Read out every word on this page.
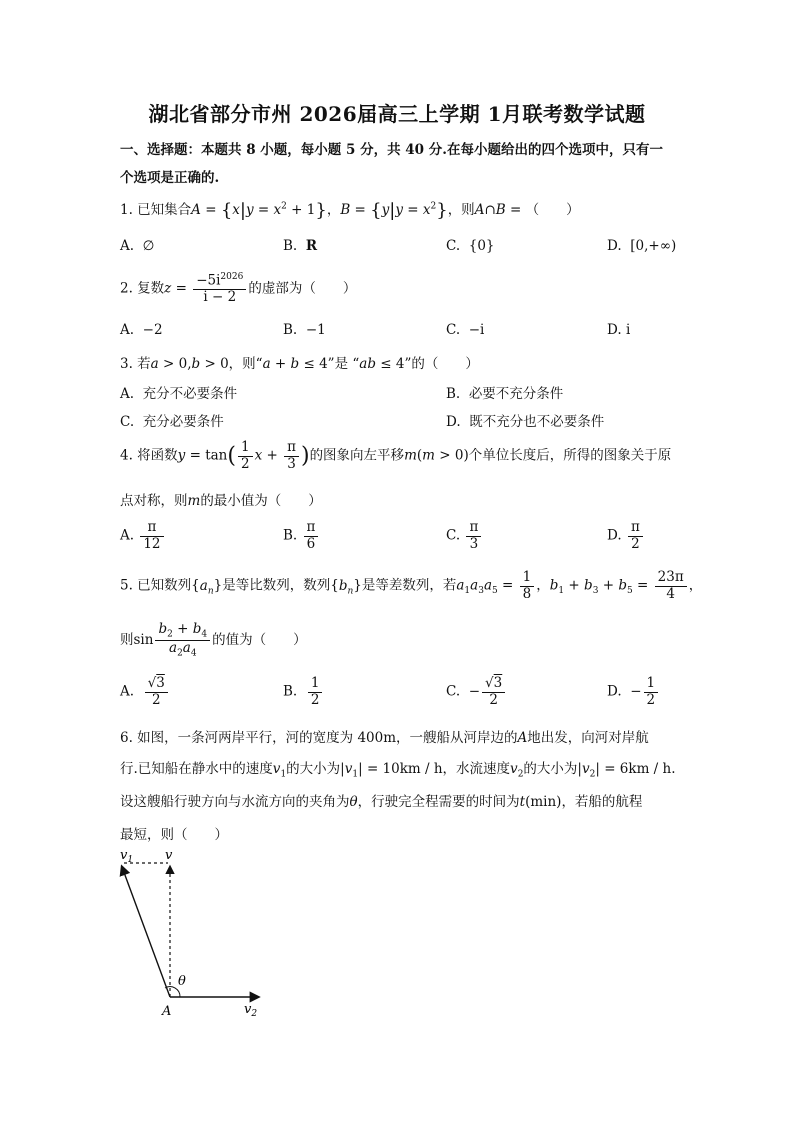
湖北省部分市州 2026届高三上学期 1月联考数学试题
一、选择题：本题共 8 小题，每小题 5 分，共 40 分.在每小题给出的四个选项中，只有一
个选项是正确的.
1. 已知集合$A = \{x|y = x^2 + 1\}$，$B = \{y|y = x^2\}$，则A∩B = （　　）
A. ∅	B. R	C. {0}	D. [0,+∞)
2. 复数$z = \frac{-5i^{2026}}{i - 2}$ 的虚部为（　　）
A. −2	B. −1	C. −i	D. i
3. 若a > 0,b > 0，则“a + b ≤ 4”是 “ab ≤ 4”的（　　）
A. 充分不必要条件	B. 必要不充分条件
C. 充分必要条件	D. 既不充分也不必要条件
4. 将函数$y = \tan( \frac{1}{2}$ $x + \frac{\pi}{3}$ )的图象向左平移m(m > 0)个单位长度后，所得的图象关于原
点对称，则m的最小值为（　　）
A. $\frac{\pi}{12}$	B. $\frac{\pi}{6}$	C. $\frac{\pi}{3}$	D. $\frac{\pi}{2}$
5. 已知数列$\{a_n\}$是等比数列，数列$\{b_n\}$是等差数列，若$a_1a_3a_5 = \frac{1}{8}$ ，$b_1 + b_3 + b_5 = \frac{23\pi}{4}$ ，
则$\sin \frac{b_2 + b_4}{a_2a_4}$ 的值为（　　）
A. $\frac{√3}{2}$	B. $\frac{1}{2}$	C.  − $\frac{√3}{2}$	D.  − $\frac{1}{2}$
6. 如图，一条河两岸平行，河的宽度为 400m，一艘船从河岸边的A地出发，向河对岸航
行.已知船在静水中的速度$v_1$的大小为$|v_1| = 10km / h$，水流速度$v_2$的大小为$|v_2| = 6km / h$.
设这艘船行驶方向与水流方向的夹角为θ，行驶完全程需要的时间为t(min)，若船的航程
最短，则（　　）
$v_1$ v
θ
A	$v_2$
